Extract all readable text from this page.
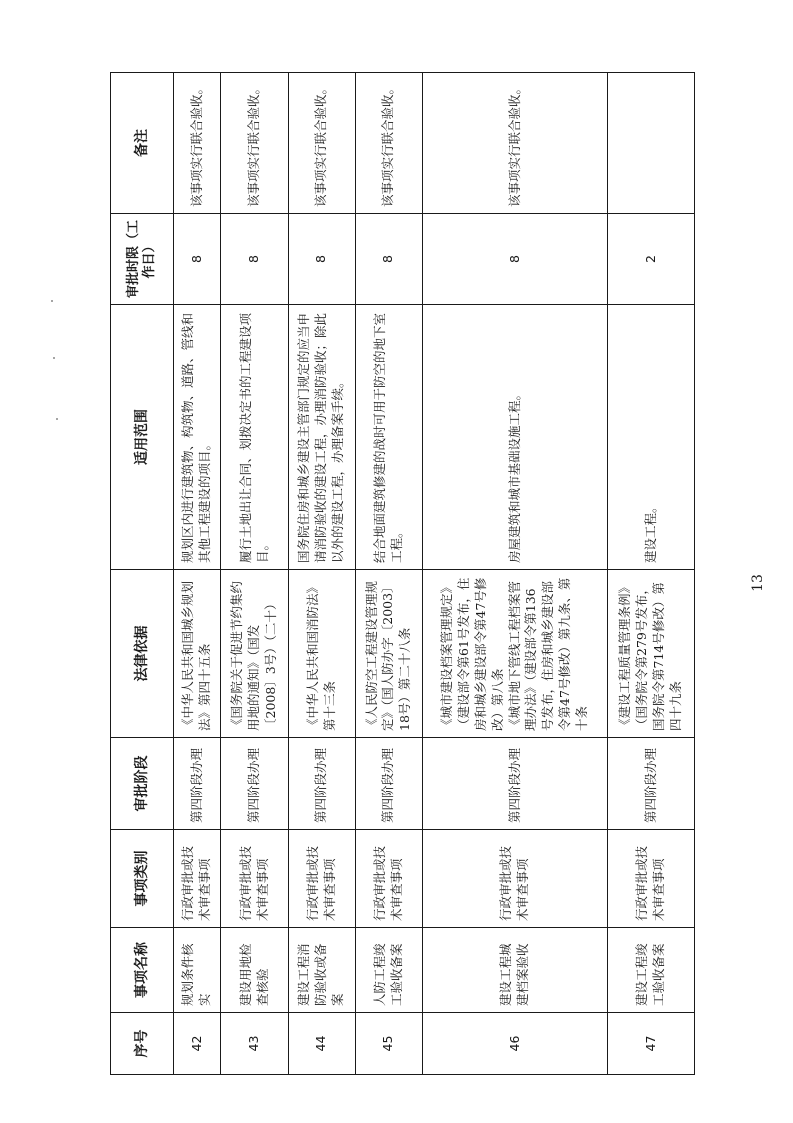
序号	事项名称	事项类别	审批阶段	法律依据	适用范围	审批时限（工作日）	备注
42	规划条件核实	行政审批或技术审查事项	第四阶段办理	《中华人民共和国城乡规划法》第四十五条	规划区内进行建筑物、构筑物、道路、管线和其他工程建设的项目。	8	该事项实行联合验收。
43	建设用地检查核验	行政审批或技术审查事项	第四阶段办理	《国务院关于促进节约集约用地的通知》（国发〔2008〕3号）（二十）	履行土地出让合同、划拨决定书的工程建设项目。	8	该事项实行联合验收。
44	建设工程消防验收或备案	行政审批或技术审查事项	第四阶段办理	《中华人民共和国消防法》第十三条	国务院住房和城乡建设主管部门规定的应当申请消防验收的建设工程，办理消防验收；除此以外的建设工程，办理备案手续。	8	该事项实行联合验收。
45	人防工程竣工验收备案	行政审批或技术审查事项	第四阶段办理	《人民防空工程建设管理规定》（国人防办字〔2003〕18号）第二十八条	结合地面建筑修建的战时可用于防空的地下室工程。	8	该事项实行联合验收。
46	建设工程城建档案验收	行政审批或技术审查事项	第四阶段办理	《城市建设档案管理规定》（建设部令第61号发布，住房和城乡建设部令第47号修改）第八条
《城市地下管线工程档案管理办法》（建设部令第136号发布，住房和城乡建设部令第47号修改）第九条、第十条	房屋建筑和城市基础设施工程。	8	该事项实行联合验收。
47	建设工程竣工验收备案	行政审批或技术审查事项	第四阶段办理	《建设工程质量管理条例》（国务院令第279号发布，国务院令第714号修改）第四十九条	建设工程。	2	
13
